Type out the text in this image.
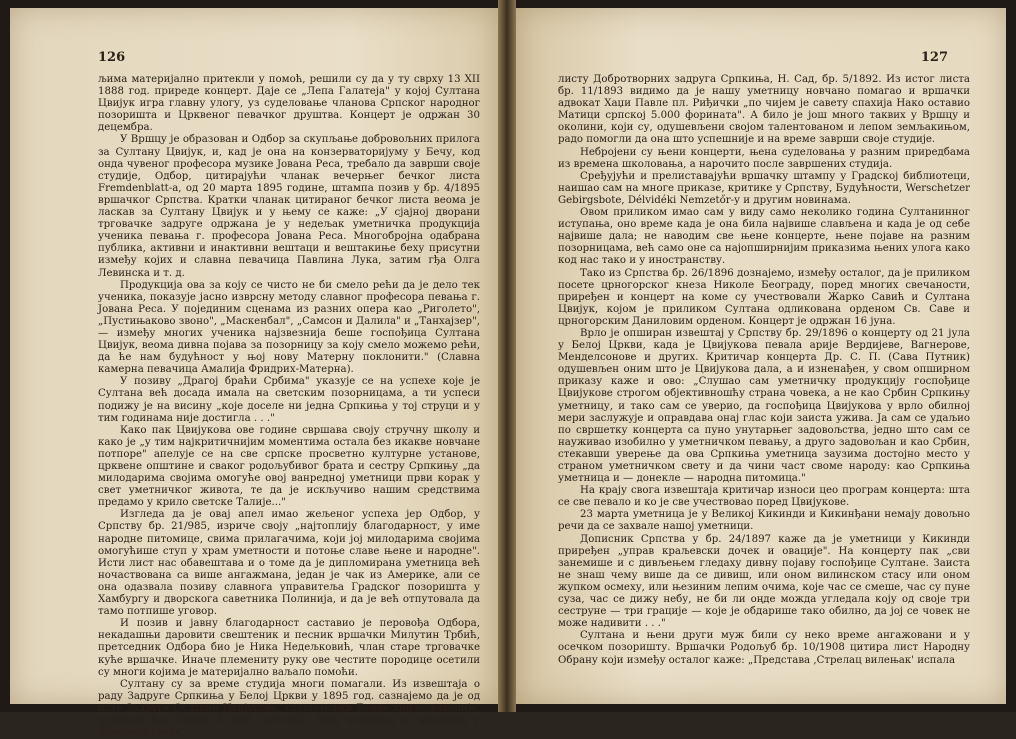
126

љима материјално притекли у помоћ, решили су да у ту сврху 13 XII 1888 год. приреде концерт. Даје се „Лепа Галатеја" у којој Султана Цвијук игра главну улогу, уз суделовање чланова Српског народног позоришта и Црквеног певачког друштва. Концерт је одржан 30 децембра.

У Вршцу је образован и Одбор за скупљање добровољних прилога за Султану Цвијук, и, кад је она на конзерваторијуму у Бечу, код онда чувеног професора музике Јована Реса, требало да заврши своје студије, Одбор, цитирајући чланак вечерњег бечког листа Fremdenblatt-а, од 20 марта 1895 године, штампа позив у бр. 4/1895 вршачког Српства. Кратки чланак цитираног бечког листа веома је ласкав за Султану Цвијук и у њему се каже: „У сјајној дворани трговачке задруге одржана је у недељак уметничка продукција ученика певања г. професора Јована Реса. Многобројна одабрана публика, активни и инактивни вештаци и вештакиње беху присутни између којих и славна певачица Павлина Лука, затим гђа Олга Левинска и т. д.

Продукција ова за коју се чисто не би смело рећи да је дело тек ученика, показује јасно изврсну методу славног професора певања г. Јована Реса. У појединим сценама из разних опера као „Риголето", „Пустињаково звоно", „Маскенбал", „Самсон и Далила" и „Танхајзер", — између многих ученика најзвезнија беше госпођица Султана Цвијук, веома дивна појава за позорницу за коју смело можемо рећи, да ће нам будућност у њој нову Матерну поклонити." (Славна камерна певачица Амалија Фридрих-Матерна).

У позиву „Драгој браћи Србима" указује се на успехе које је Султана већ досада имала на светским позорницама, а ти успеси подижу је на висину „које доселе ни једна Српкиња у тој струци и у тим годинама није достигла . . ."

Како пак Цвијукова ове године свршава своју стручну школу и како је „у тим најкритичнијим моментима остала без икакве новчане потпоре" апелује се на све српске просветно културне установе, црквене општине и сваког родољубивог брата и сестру Српкињу „да милодарима својима омогуће овој ванредној уметници први корак у свет уметничког живота, те да је искључиво нашим средствима предамо у крило светске Талије..."

Изгледа да је овај апел имао жељеног успеха јер Одбор, у Српству бр. 21/985, изриче своју „најтоплију благодарност, у име народне питомице, свима прилагачима, који јој милодарима својима омогућише ступ у храм уметности и потоње славе њене и народне". Исти лист нас обавештава и о томе да је дипломирана уметница већ ночаствована са више ангажмана, један је чак из Америке, али се она одазвала позиву славнога управитеља Градског позоришта у Хамбургу и дворскога саветника Полинија, и да је већ отпутовала да тамо потпише уговор.

И позив и јавну благодарност саставио је перовођа Одбора, некадашњи даровити свештеник и песник вршачки Милутин Трбић, претседник Одбора био је Ника Недељковић, члан старе трговачке куће вршачке. Иначе племениту руку ове честите породице осетили су многи којима је материјално ваљало помоћи.

Султану су за време студија многи помагали. Из извештаја о раду Задруге Српкиња у Белој Цркви у 1895 год. сазнајемо да је од исте Задруге Султана Цвијукова, слушатељка Бечке конзерваторије, примала као помоћ 5 фор. месечно. Овај извештај је штампан у Женском свету,

127

листу Добротворних задруга Српкиња, Н. Сад, бр. 5/1892. Из истог листа бр. 11/1893 видимо да је нашу уметницу новчано помагао и вршачки адвокат Хаџи Павле пл. Риђички „по чијем је савету спахија Нако оставио Матици српској 5.000 форината". А било је још много таквих у Вршцу и околини, који су, одушевљени својом талентованом и лепом земљакињом, радо помогли да она што успешније и на време заврши своје студије.

Небројени су њени концерти, њена суделовања у разним приредбама из времена школовања, а нарочито после завршених студија.

Сређујући и прелиставајући вршачку штампу у Градској библиотеци, наишао сам на многе приказе, критике у Српству, Будућности, Werschetzer Gebirgsbote, Délvidéki Nemzetőr-у и другим новинама.

Овом приликом имао сам у виду само неколико година Султанинног иступања, оно време када је она била највише слављена и када је од себе највише дала; не наводим све њене концерте, њене појаве на разним позорницама, већ само оне са најопширнијим приказима њених улога како код нас тако и у иностранству.

Тако из Српства бр. 26/1896 дознајемо, између осталог, да је приликом посете црногорског кнеза Николе Београду, поред многих свечаности, приређен и концерт на коме су учествовали Жарко Савић и Султана Цвијук, којом је приликом Султана одликована орденом Св. Саве и црногорским Даниловим орденом. Концерт је одржан 16 јуна.

Врло је опширан извештај у Српству бр. 29/1896 о концерту од 21 јула у Белој Цркви, када је Цвијукова певала арије Вердијеве, Вагнерове, Менделсонове и других. Критичар концерта Др. С. П. (Сава Путник) одушевљен оним што је Цвијукова дала, а и изненађен, у свом опширном приказу каже и ово: „Слушао сам уметничку продукцију госпођице Цвијукове строгом објективношћу страна човека, а не као Србин Српкињу уметницу, и тако сам се уверио, да госпођица Цвијукова у врло обилној мери заслужује и оправдава онај глас који заиста ужива. Ја сам се удаљио по свршетку концерта са пуно унутарњег задовољства, једно што сам се науживао изобилно у уметничком певању, а друго задовољан и као Србин, стекавши уверење да ова Српкиња уметница заузима достојно место у страном уметничком свету и да чини част своме народу: као Српкиња уметница и — донекле — народна питомица."

На крају свога извештаја критичар износи цео програм концерта: шта се све певало и ко је све учествовао поред Цвијукове.

23 марта уметница је у Великој Кикинди и Кикинђани немају довољно речи да се захвале нашој уметници.

Дописник Српства у бр. 24/1897 каже да је уметници у Кикинди приређен „управ краљевски дочек и овације". На концерту пак „сви занемише и с дивљењем гледаху дивну појаву госпођице Султане. Заиста не знаш чему више да се дивиш, или оном вилинском стасу или оном жупком осмеху, или њезиним лепим очима, које час се смеше, час су пуне суза, час се дижу небу, не би ли оңде можда угледала коју од своје три сеструне — три грације — које је обдарише тако обилно, да јој се човек не може надивити . . ."

Султана и њени други муж били су неко време ангажовани и у осечком позоришту. Вршачки Родољуб бр. 10/1908 цитира лист Народну Обрану који између осталог каже: „Представа ,Стрелац вилењак' испала
